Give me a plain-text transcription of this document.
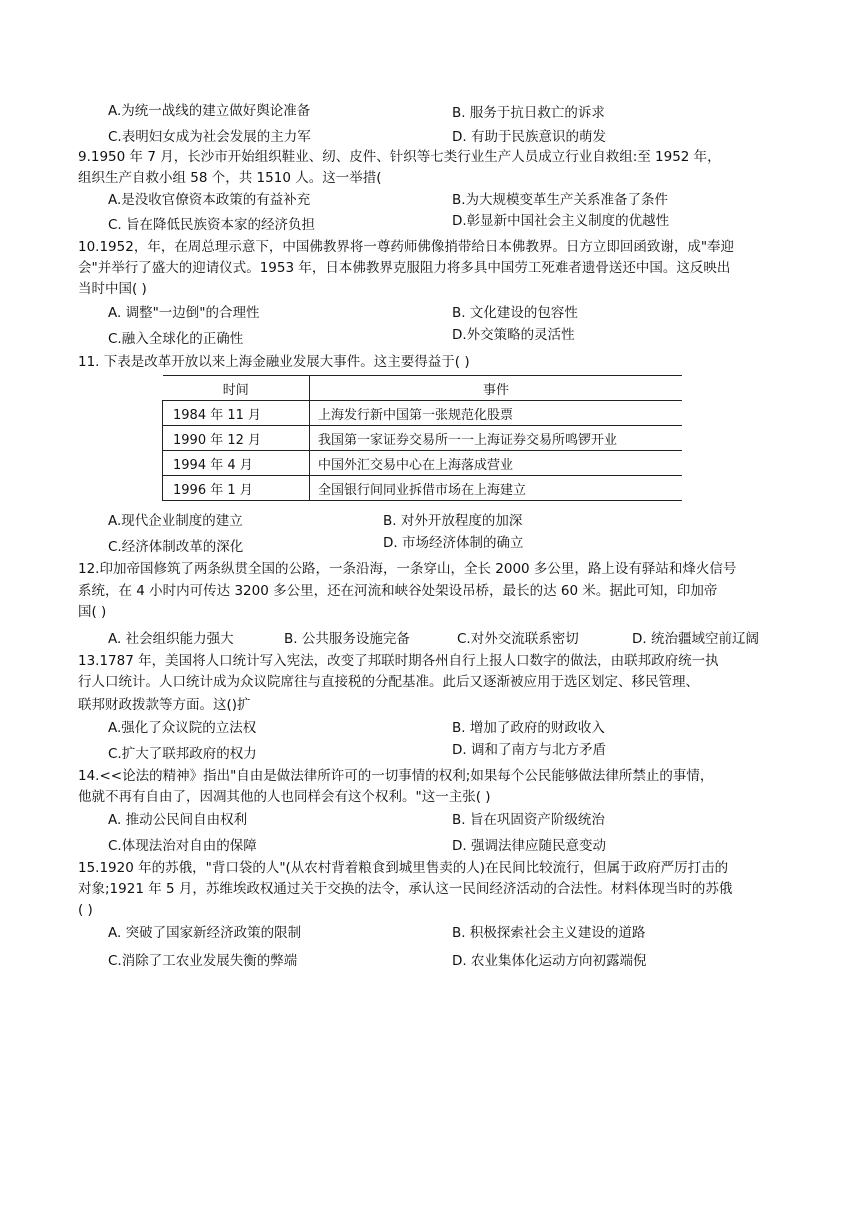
A.为统一战线的建立做好舆论准备	B. 服务于抗日救亡的诉求
C.表明妇女成为社会发展的主力军	D. 有助于民族意识的萌发
9.1950 年 7 月，长沙市开始组织鞋业、纫、皮件、针织等七类行业生产人员成立行业自救组:至 1952 年，
组织生产自救小组 58 个，共 1510 人。这一举措(
A.是没收官僚资本政策的有益补充	B.为大规模变革生产关系准备了条件
C. 旨在降低民族资本家的经济负担	D.彰显新中国社会主义制度的优越性
10.1952，年，在周总理示意下，中国佛教界将一尊药师佛像捎带给日本佛教界。日方立即回函致谢，成"奉迎
会"并举行了盛大的迎请仪式。1953 年，日本佛教界克服阻力将多具中国劳工死难者遗骨送还中国。这反映出
当时中国( )
A. 调整"一边倒"的合理性	B. 文化建设的包容性
C.融入全球化的正确性	D.外交策略的灵活性
11. 下表是改革开放以来上海金融业发展大事件。这主要得益于( )
时间	事件
1984 年 11 月	上海发行新中国第一张规范化股票
1990 年 12 月	我国第一家证券交易所一一上海证券交易所鸣锣开业
1994 年 4 月	中国外汇交易中心在上海落成营业
1996 年 1 月	全国银行间同业拆借市场在上海建立
A.现代企业制度的建立	B. 对外开放程度的加深
C.经济体制改革的深化	D. 市场经济体制的确立
12.印加帝国修筑了两条纵贯全国的公路，一条沿海，一条穿山，全长 2000 多公里，路上设有驿站和烽火信号
系统，在 4 小时内可传达 3200 多公里，还在河流和峡谷处架设吊桥，最长的达 60 米。据此可知，印加帝
国( )
A. 社会组织能力强大	B. 公共服务设施完备	C.对外交流联系密切	D. 统治疆域空前辽阔
13.1787 年，美国将人口统计写入宪法，改变了邦联时期各州自行上报人口数字的做法，由联邦政府统一执
行人口统计。人口统计成为众议院席往与直接税的分配基准。此后又逐渐被应用于选区划定、移民管理、
联邦财政拨款等方面。这()扩
A.强化了众议院的立法权	B. 增加了政府的财政收入
C.扩大了联邦政府的权力	D. 调和了南方与北方矛盾
14.<<论法的精神》指出"自由是做法律所许可的一切事情的权利;如果每个公民能够做法律所禁止的事情，
他就不再有自由了，因凋其他的人也同样会有这个权利。"这一主张( )
A. 推动公民间自由权利	B. 旨在巩固资产阶级统治
C.体现法治对自由的保障	D. 强调法律应随民意变动
15.1920 年的苏俄，"背口袋的人"(从农村背着粮食到城里售卖的人)在民间比较流行，但属于政府严厉打击的
对象;1921 年 5 月，苏维埃政权通过关于交换的法令，承认这一民间经济活动的合法性。材料体现当时的苏俄
( )
A. 突破了国家新经济政策的限制	B. 积极探索社会主义建设的道路
C.消除了工农业发展失衡的弊端	D. 农业集体化运动方向初露端倪
